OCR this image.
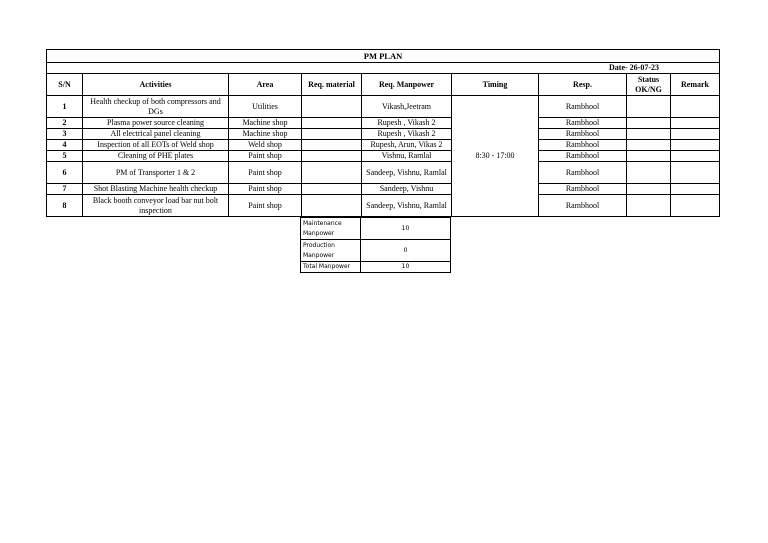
PM PLAN								
Date- 26-07-23								
S/N	Activities	Area	Req. material	Req. Manpower	Timing	Resp.	Status OK/NG	Remark
1	Health checkup of both compressors and DGs	Utilities		Vikash,Jeetram	8:30 - 17:00	Rambhool		
2	Plasma power source cleaning	Machine shop		Rupesh , Vikash 2		Rambhool		
3	All electrical panel cleaning	Machine shop		Rupesh , Vikash 2		Rambhool		
4	Inspection of all EOTs of Weld shop	Weld shop		Rupesh, Arun, Vikas 2		Rambhool		
5	Cleaning of PHE plates	Paint shop		Vishnu, Ramlal		Rambhool		
6	PM of Transporter 1 & 2	Paint shop		Sandeep, Vishnu, Ramlal		Rambhool		
7	Shot Blasting Machine health checkup	Paint shop		Sandeep, Vishnu		Rambhool		
8	Black booth conveyor load bar nut bolt inspection	Paint shop		Sandeep, Vishnu, Ramlal		Rambhool		
Maintenance Manpower	10
Production Manpower	0
Total Manpower	10
